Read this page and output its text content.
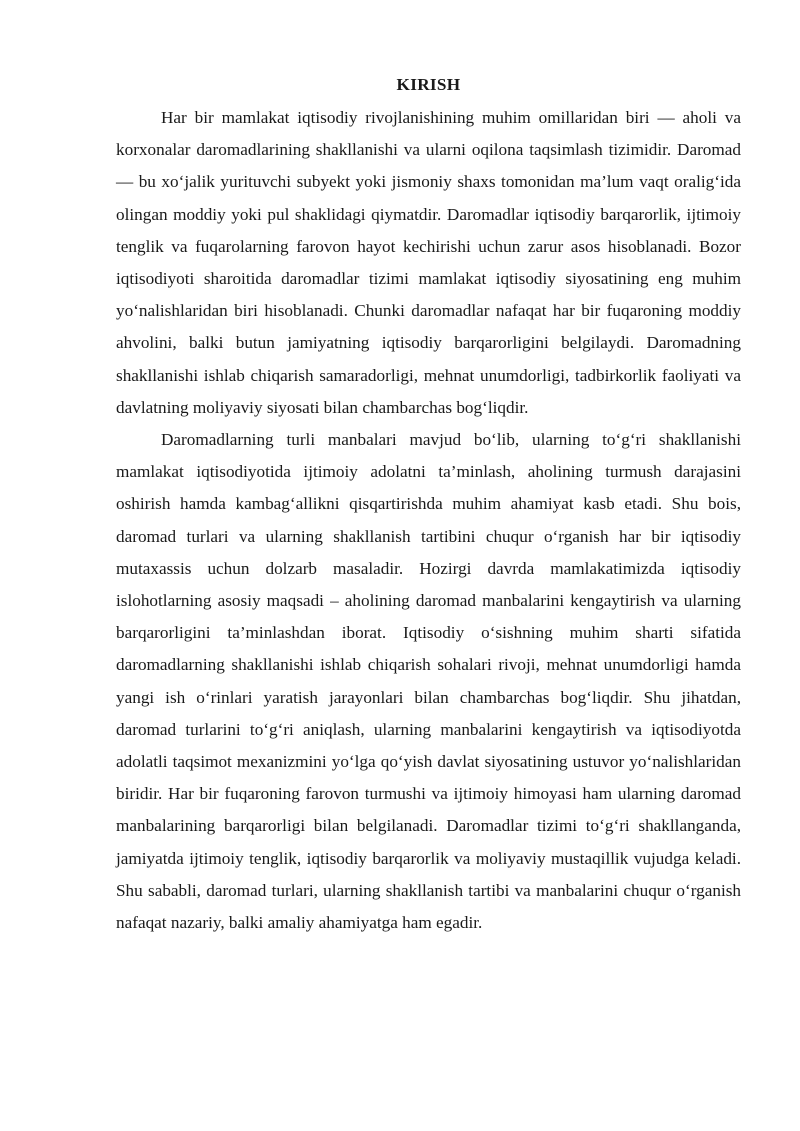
KIRISH

Har bir mamlakat iqtisodiy rivojlanishining muhim omillaridan biri — aholi va korxonalar daromadlarining shakllanishi va ularni oqilona taqsimlash tizimidir. Daromad — bu xo‘jalik yurituvchi subyekt yoki jismoniy shaxs tomonidan ma’lum vaqt oralig‘ida olingan moddiy yoki pul shaklidagi qiymatdir. Daromadlar iqtisodiy barqarorlik, ijtimoiy tenglik va fuqarolarning farovon hayot kechirishi uchun zarur asos hisoblanadi. Bozor iqtisodiyoti sharoitida daromadlar tizimi mamlakat iqtisodiy siyosatining eng muhim yo‘nalishlaridan biri hisoblanadi. Chunki daromadlar nafaqat har bir fuqaroning moddiy ahvolini, balki butun jamiyatning iqtisodiy barqarorligini belgilaydi. Daromadning shakllanishi ishlab chiqarish samaradorligi, mehnat unumdorligi, tadbirkorlik faoliyati va davlatning moliyaviy siyosati bilan chambarchas bog‘liqdir.

Daromadlarning turli manbalari mavjud bo‘lib, ularning to‘g‘ri shakllanishi mamlakat iqtisodiyotida ijtimoiy adolatni ta’minlash, aholining turmush darajasini oshirish hamda kambag‘allikni qisqartirishda muhim ahamiyat kasb etadi. Shu bois, daromad turlari va ularning shakllanish tartibini chuqur o‘rganish har bir iqtisodiy mutaxassis uchun dolzarb masaladir. Hozirgi davrda mamlakatimizda iqtisodiy islohotlarning asosiy maqsadi – aholining daromad manbalarini kengaytirish va ularning barqarorligini ta’minlashdan iborat. Iqtisodiy o‘sishning muhim sharti sifatida daromadlarning shakllanishi ishlab chiqarish sohalari rivoji, mehnat unumdorligi hamda yangi ish o‘rinlari yaratish jarayonlari bilan chambarchas bog‘liqdir. Shu jihatdan, daromad turlarini to‘g‘ri aniqlash, ularning manbalarini kengaytirish va iqtisodiyotda adolatli taqsimot mexanizmini yo‘lga qo‘yish davlat siyosatining ustuvor yo‘nalishlaridan biridir. Har bir fuqaroning farovon turmushi va ijtimoiy himoyasi ham ularning daromad manbalarining barqarorligi bilan belgilanadi. Daromadlar tizimi to‘g‘ri shakllanganda, jamiyatda ijtimoiy tenglik, iqtisodiy barqarorlik va moliyaviy mustaqillik vujudga keladi. Shu sababli, daromad turlari, ularning shakllanish tartibi va manbalarini chuqur o‘rganish nafaqat nazariy, balki amaliy ahamiyatga ham egadir.
